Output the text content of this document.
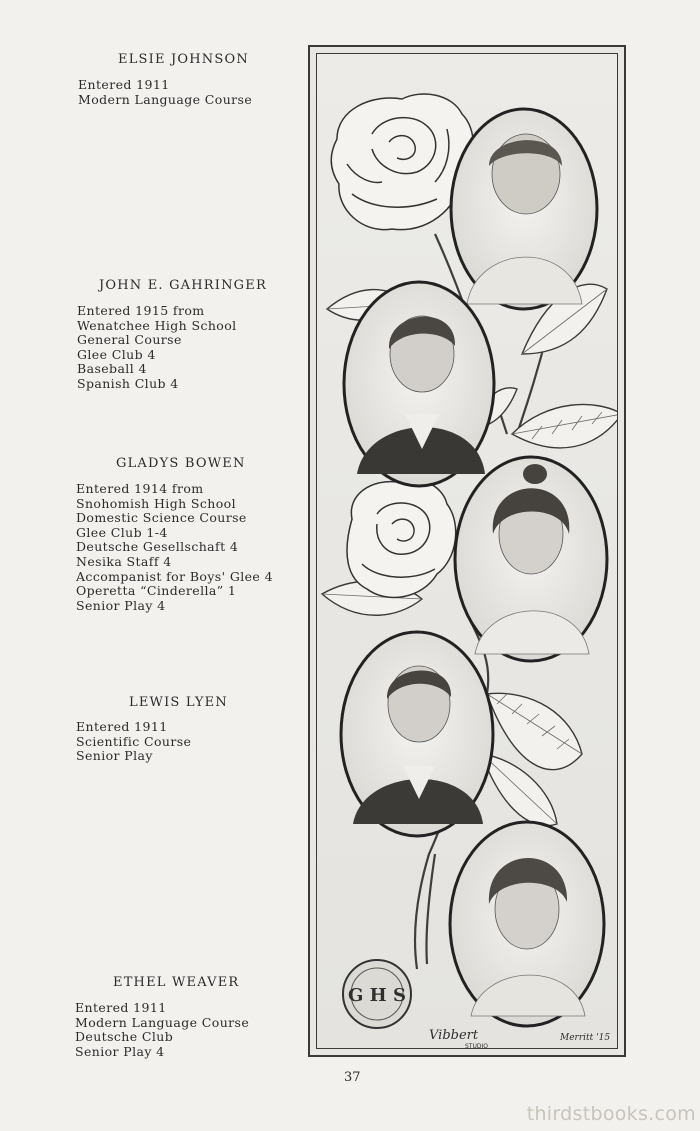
ELSIE JOHNSON
Entered 1911
Modern Language Course
JOHN E. GAHRINGER
Entered 1915 from
Wenatchee High School
General Course
Glee Club 4
Baseball 4
Spanish Club 4
GLADYS BOWEN
Entered 1914 from
Snohomish High School
Domestic Science Course
Glee Club 1-4
Deutsche Gesellschaft 4
Nesika Staff 4
Accompanist for Boys' Glee 4
Operetta “Cinderella” 1
Senior Play 4
LEWIS LYEN
Entered 1911
Scientific Course
Senior Play
ETHEL WEAVER
Entered 1911
Modern Language Course
Deutsche Club
Senior Play 4
G H S
Vibbert
STUDIO
Merritt '15
37
thirdstbooks.com
